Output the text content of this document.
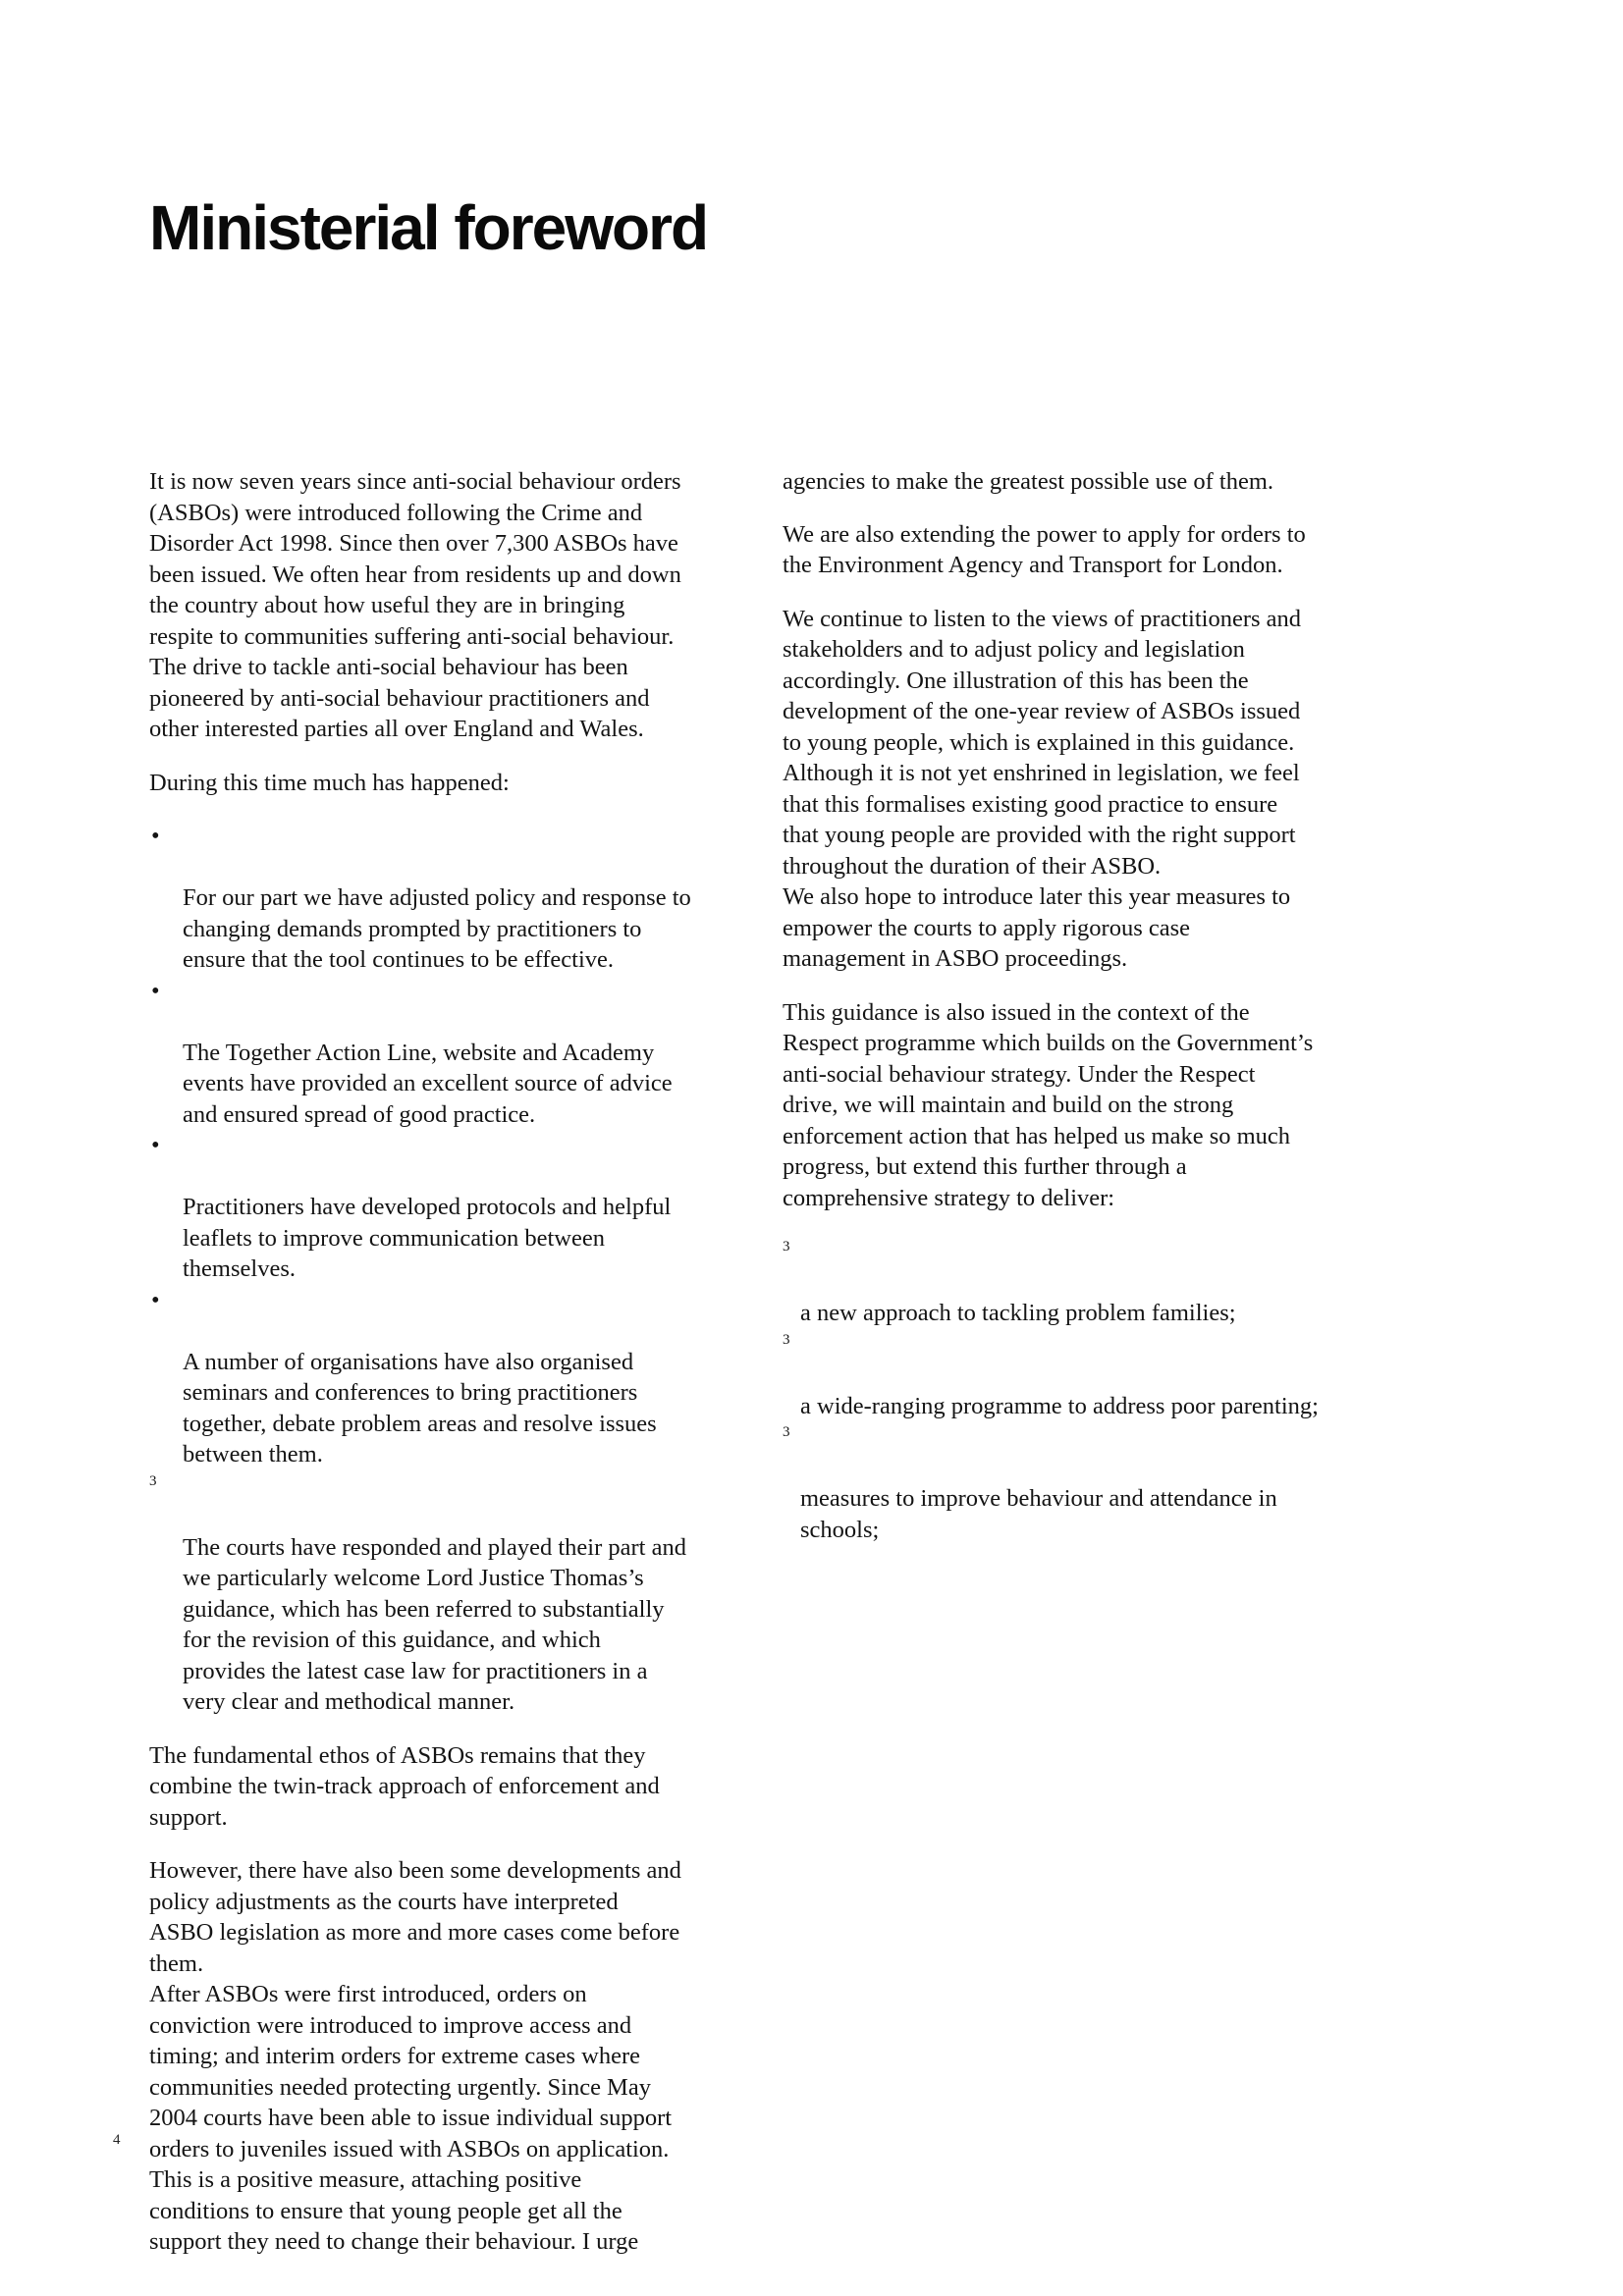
Ministerial foreword

It is now seven years since anti-social behaviour orders
(ASBOs) were introduced following the Crime and
Disorder Act 1998. Since then over 7,300 ASBOs have
been issued. We often hear from residents up and down
the country about how useful they are in bringing
respite to communities suffering anti-social behaviour.
The drive to tackle anti-social behaviour has been
pioneered by anti-social behaviour practitioners and
other interested parties all over England and Wales.

During this time much has happened:

•

For our part we have adjusted policy and response to
changing demands prompted by practitioners to
ensure that the tool continues to be effective.

•

The Together Action Line, website and Academy
events have provided an excellent source of advice
and ensured spread of good practice.

•

Practitioners have developed protocols and helpful
leaflets to improve communication between
themselves.

•

A number of organisations have also organised
seminars and conferences to bring practitioners
together, debate problem areas and resolve issues
between them.

3

The courts have responded and played their part and
we particularly welcome Lord Justice Thomas’s
guidance, which has been referred to substantially
for the revision of this guidance, and which
provides the latest case law for practitioners in a
very clear and methodical manner.

The fundamental ethos of ASBOs remains that they
combine the twin-track approach of enforcement and
support.

However, there have also been some developments and
policy adjustments as the courts have interpreted
ASBO legislation as more and more cases come before
them.

After ASBOs were first introduced, orders on
conviction were introduced to improve access and
timing; and interim orders for extreme cases where
communities needed protecting urgently. Since May
2004 courts have been able to issue individual support
orders to juveniles issued with ASBOs on application.
This is a positive measure, attaching positive
conditions to ensure that young people get all the
support they need to change their behaviour. I urge

agencies to make the greatest possible use of them.

We are also extending the power to apply for orders to
the Environment Agency and Transport for London.

We continue to listen to the views of practitioners and
stakeholders and to adjust policy and legislation
accordingly. One illustration of this has been the
development of the one-year review of ASBOs issued
to young people, which is explained in this guidance.
Although it is not yet enshrined in legislation, we feel
that this formalises existing good practice to ensure
that young people are provided with the right support
throughout the duration of their ASBO.

We also hope to introduce later this year measures to
empower the courts to apply rigorous case
management in ASBO proceedings.

This guidance is also issued in the context of the
Respect programme which builds on the Government’s
anti-social behaviour strategy. Under the Respect
drive, we will maintain and build on the strong
enforcement action that has helped us make so much
progress, but extend this further through a
comprehensive strategy to deliver:

3

a new approach to tackling problem families;

3

a wide-ranging programme to address poor parenting;

3

measures to improve behaviour and attendance in
schools;

4
